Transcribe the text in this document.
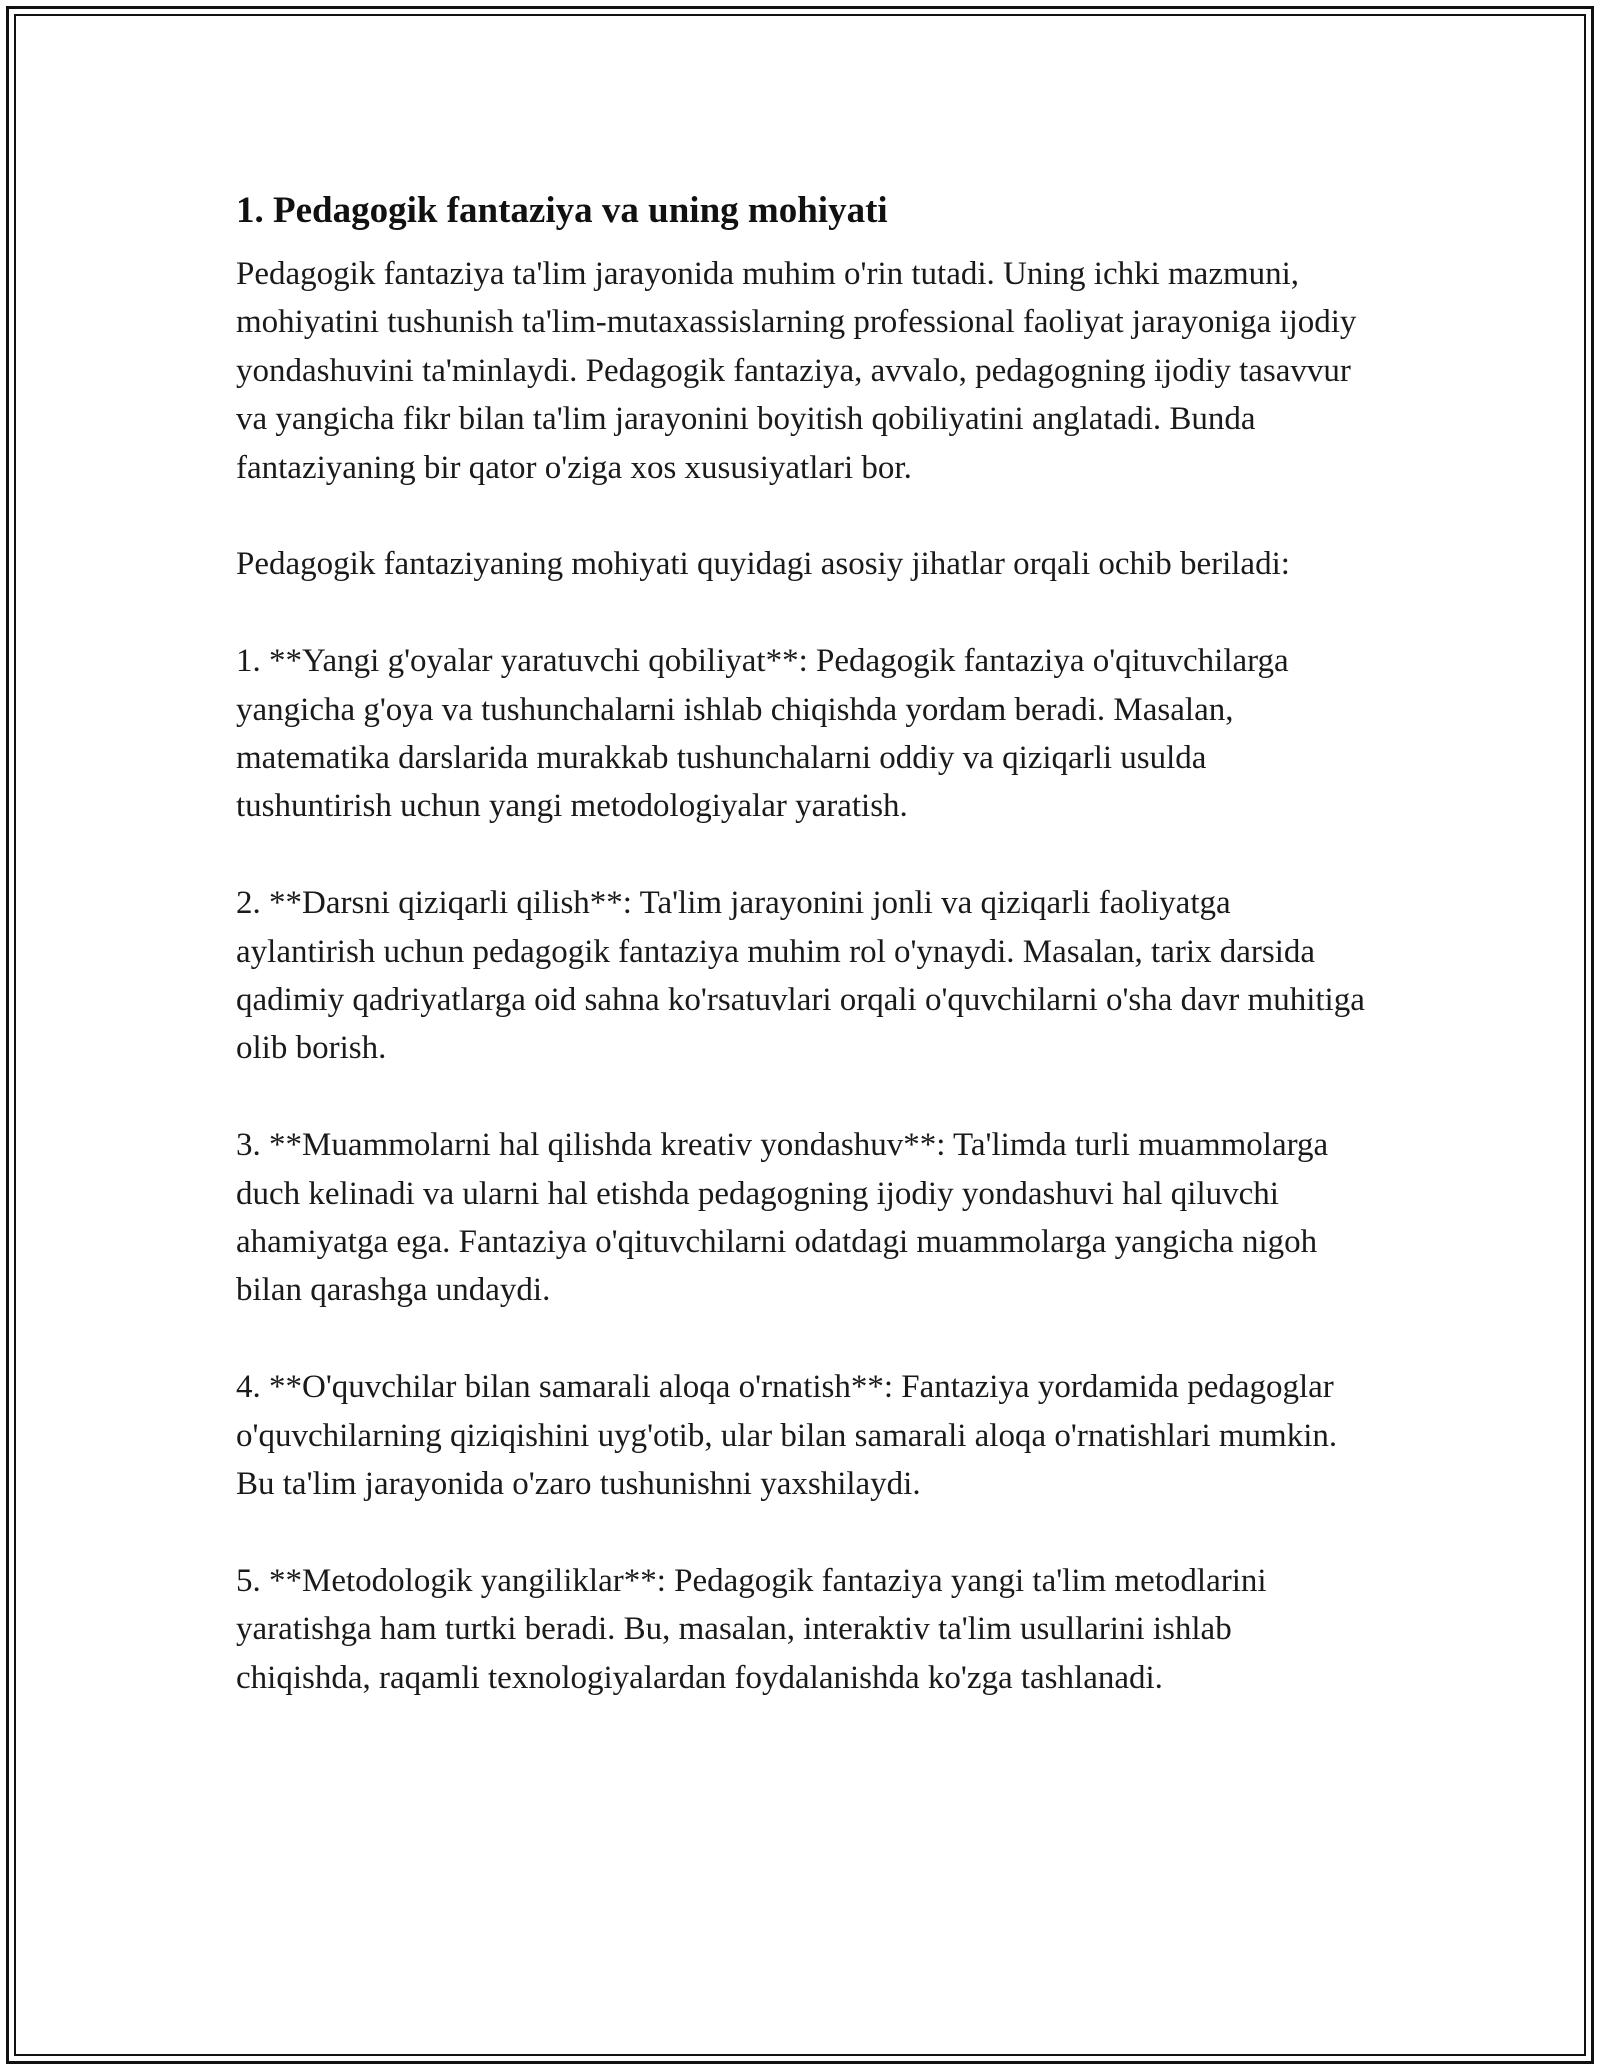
1. Pedagogik fantaziya va uning mohiyati

Pedagogik fantaziya ta'lim jarayonida muhim o'rin tutadi. Uning ichki mazmuni, mohiyatini tushunish ta'lim-mutaxassislarning professional faoliyat jarayoniga ijodiy yondashuvini ta'minlaydi. Pedagogik fantaziya, avvalo, pedagogning ijodiy tasavvur va yangicha fikr bilan ta'lim jarayonini boyitish qobiliyatini anglatadi. Bunda fantaziyaning bir qator o'ziga xos xususiyatlari bor.

Pedagogik fantaziyaning mohiyati quyidagi asosiy jihatlar orqali ochib beriladi:

1. **Yangi g'oyalar yaratuvchi qobiliyat**: Pedagogik fantaziya o'qituvchilarga yangicha g'oya va tushunchalarni ishlab chiqishda yordam beradi. Masalan, matematika darslarida murakkab tushunchalarni oddiy va qiziqarli usulda tushuntirish uchun yangi metodologiyalar yaratish.

2. **Darsni qiziqarli qilish**: Ta'lim jarayonini jonli va qiziqarli faoliyatga aylantirish uchun pedagogik fantaziya muhim rol o'ynaydi. Masalan, tarix darsida qadimiy qadriyatlarga oid sahna ko'rsatuvlari orqali o'quvchilarni o'sha davr muhitiga olib borish.

3. **Muammolarni hal qilishda kreativ yondashuv**: Ta'limda turli muammolarga duch kelinadi va ularni hal etishda pedagogning ijodiy yondashuvi hal qiluvchi ahamiyatga ega. Fantaziya o'qituvchilarni odatdagi muammolarga yangicha nigoh bilan qarashga undaydi.

4. **O'quvchilar bilan samarali aloqa o'rnatish**: Fantaziya yordamida pedagoglar o'quvchilarning qiziqishini uyg'otib, ular bilan samarali aloqa o'rnatishlari mumkin. Bu ta'lim jarayonida o'zaro tushunishni yaxshilaydi.

5. **Metodologik yangiliklar**: Pedagogik fantaziya yangi ta'lim metodlarini yaratishga ham turtki beradi. Bu, masalan, interaktiv ta'lim usullarini ishlab chiqishda, raqamli texnologiyalardan foydalanishda ko'zga tashlanadi.
